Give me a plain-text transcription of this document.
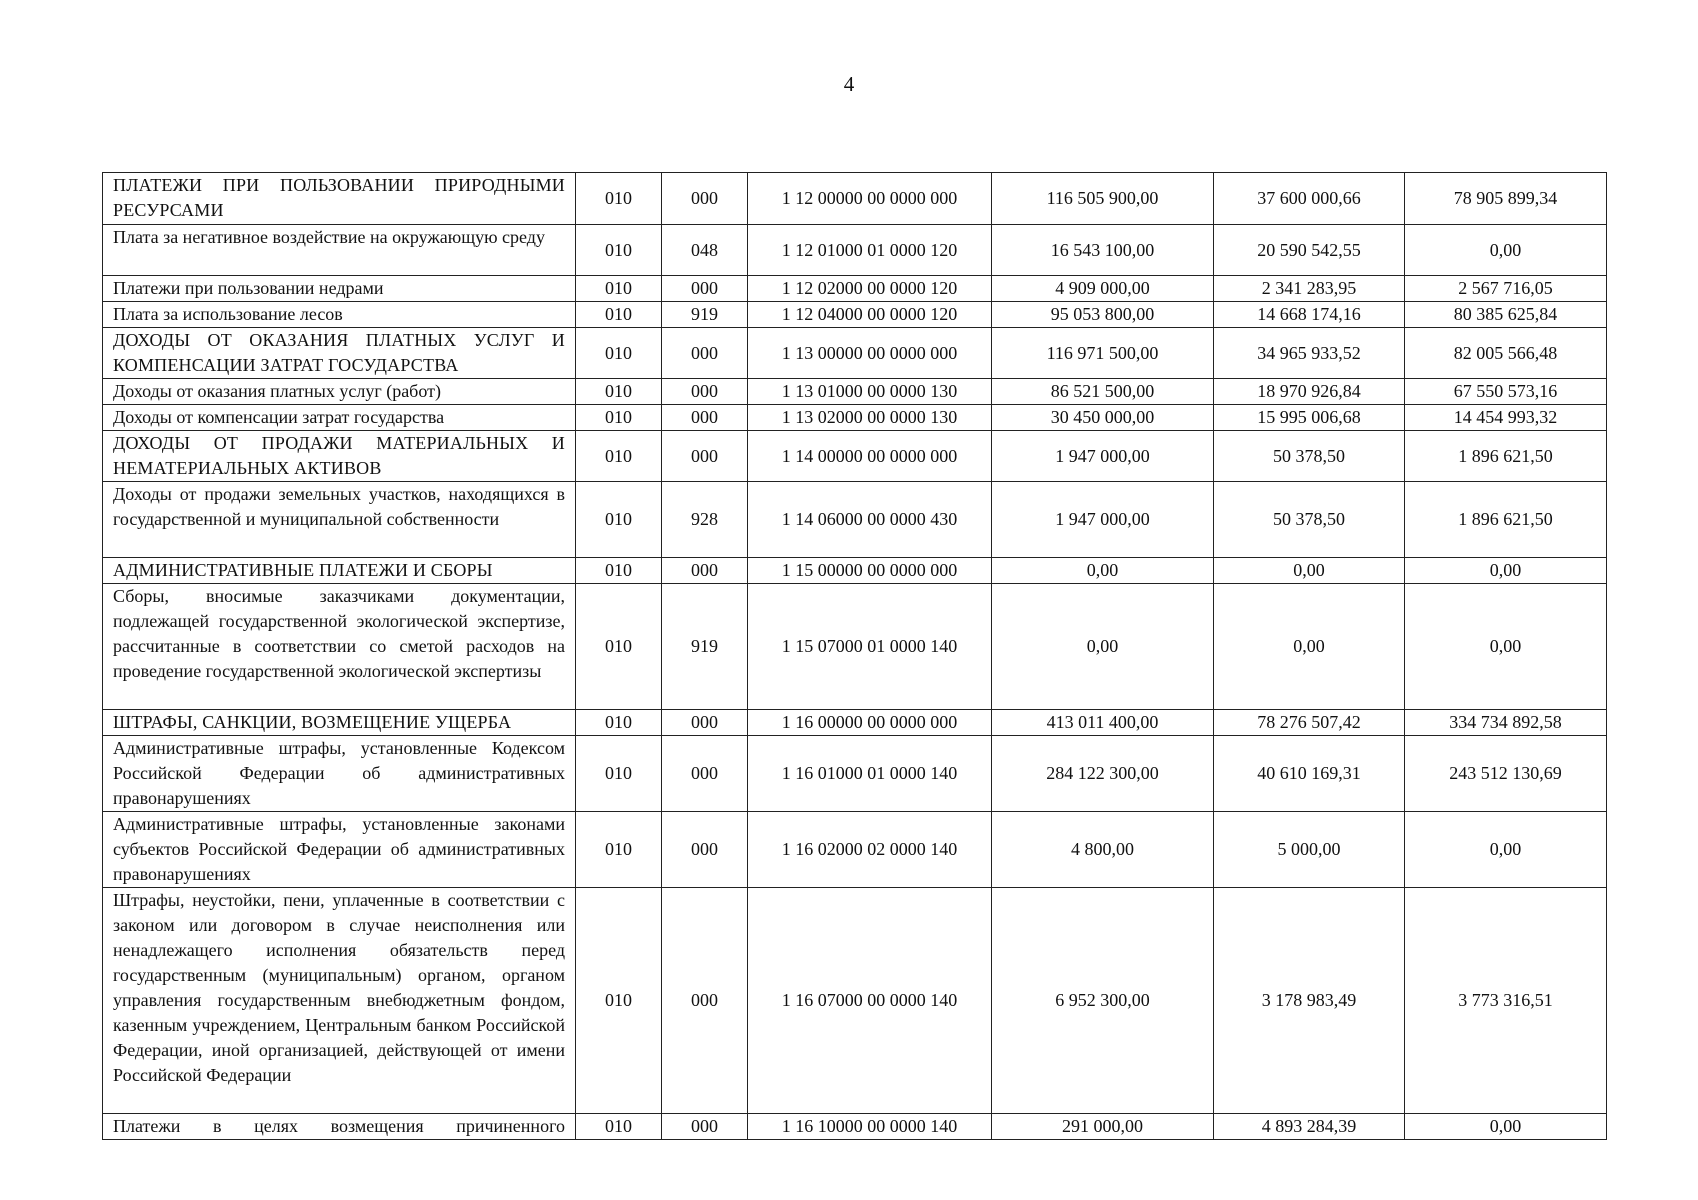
4
ПЛАТЕЖИ ПРИ ПОЛЬЗОВАНИИ ПРИРОДНЫМИ РЕСУРСАМИ	010	000	1 12 00000 00 0000 000	116 505 900,00	37 600 000,66	78 905 899,34
Плата за негативное воздействие на окружающую среду	010	048	1 12 01000 01 0000 120	16 543 100,00	20 590 542,55	0,00
Платежи при пользовании недрами	010	000	1 12 02000 00 0000 120	4 909 000,00	2 341 283,95	2 567 716,05
Плата за использование лесов	010	919	1 12 04000 00 0000 120	95 053 800,00	14 668 174,16	80 385 625,84
ДОХОДЫ ОТ ОКАЗАНИЯ ПЛАТНЫХ УСЛУГ И КОМПЕНСАЦИИ ЗАТРАТ ГОСУДАРСТВА	010	000	1 13 00000 00 0000 000	116 971 500,00	34 965 933,52	82 005 566,48
Доходы от оказания платных услуг (работ)	010	000	1 13 01000 00 0000 130	86 521 500,00	18 970 926,84	67 550 573,16
Доходы от компенсации затрат государства	010	000	1 13 02000 00 0000 130	30 450 000,00	15 995 006,68	14 454 993,32
ДОХОДЫ ОТ ПРОДАЖИ МАТЕРИАЛЬНЫХ И НЕМАТЕРИАЛЬНЫХ АКТИВОВ	010	000	1 14 00000 00 0000 000	1 947 000,00	50 378,50	1 896 621,50
Доходы от продажи земельных участков, находящихся в государственной и муниципальной собственности	010	928	1 14 06000 00 0000 430	1 947 000,00	50 378,50	1 896 621,50
АДМИНИСТРАТИВНЫЕ ПЛАТЕЖИ И СБОРЫ	010	000	1 15 00000 00 0000 000	0,00	0,00	0,00
Сборы, вносимые заказчиками документации, подлежащей государственной экологической экспертизе, рассчитанные в соответствии со сметой расходов на проведение государственной экологической экспертизы	010	919	1 15 07000 01 0000 140	0,00	0,00	0,00
ШТРАФЫ, САНКЦИИ, ВОЗМЕЩЕНИЕ УЩЕРБА	010	000	1 16 00000 00 0000 000	413 011 400,00	78 276 507,42	334 734 892,58
Административные штрафы, установленные Кодексом Российской Федерации об административных правонарушениях	010	000	1 16 01000 01 0000 140	284 122 300,00	40 610 169,31	243 512 130,69
Административные штрафы, установленные законами субъектов Российской Федерации об административных правонарушениях	010	000	1 16 02000 02 0000 140	4 800,00	5 000,00	0,00
Штрафы, неустойки, пени, уплаченные в соответствии с законом или договором в случае неисполнения или ненадлежащего исполнения обязательств перед государственным (муниципальным) органом, органом управления государственным внебюджетным фондом, казенным учреждением, Центральным банком Российской Федерации, иной организацией, действующей от имени Российской Федерации	010	000	1 16 07000 00 0000 140	6 952 300,00	3 178 983,49	3 773 316,51
Платежи в целях возмещения причиненного	010	000	1 16 10000 00 0000 140	291 000,00	4 893 284,39	0,00
